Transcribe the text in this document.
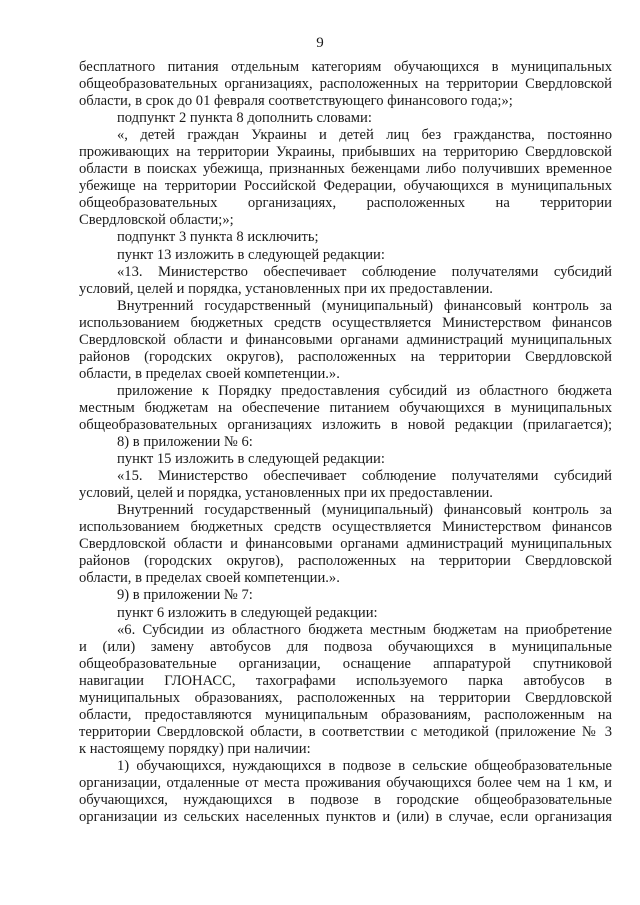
9
бесплатного питания отдельным категориям обучающихся в муниципальных
общеобразовательных организациях, расположенных на территории Свердловской
области, в срок до 01 февраля соответствующего финансового года;»;
подпункт 2 пункта 8 дополнить словами:
«, детей граждан Украины и детей лиц без гражданства, постоянно
проживающих на территории Украины, прибывших на территорию Свердловской
области в поисках убежища, признанных беженцами либо получивших временное
убежище на территории Российской Федерации, обучающихся в муниципальных
общеобразовательных организациях, расположенных на территории
Свердловской области;»;
подпункт 3 пункта 8 исключить;
пункт 13 изложить в следующей редакции:
«13. Министерство обеспечивает соблюдение получателями субсидий
условий, целей и порядка, установленных при их предоставлении.
Внутренний государственный (муниципальный) финансовый контроль за
использованием бюджетных средств осуществляется Министерством финансов
Свердловской области и финансовыми органами администраций муниципальных
районов (городских округов), расположенных на территории Свердловской
области, в пределах своей компетенции.».
приложение к Порядку предоставления субсидий из областного бюджета
местным бюджетам на обеспечение питанием обучающихся в муниципальных
общеобразовательных организациях изложить в новой редакции (прилагается);
8) в приложении № 6:
пункт 15 изложить в следующей редакции:
«15. Министерство обеспечивает соблюдение получателями субсидий
условий, целей и порядка, установленных при их предоставлении.
Внутренний государственный (муниципальный) финансовый контроль за
использованием бюджетных средств осуществляется Министерством финансов
Свердловской области и финансовыми органами администраций муниципальных
районов (городских округов), расположенных на территории Свердловской
области, в пределах своей компетенции.».
9) в приложении № 7:
пункт 6 изложить в следующей редакции:
«6. Субсидии из областного бюджета местным бюджетам на приобретение
и (или) замену автобусов для подвоза обучающихся в муниципальные
общеобразовательные организации, оснащение аппаратурой спутниковой
навигации ГЛОНАСС, тахографами используемого парка автобусов в
муниципальных образованиях, расположенных на территории Свердловской
области, предоставляются муниципальным образованиям, расположенным на
территории Свердловской области, в соответствии с методикой (приложение № 3
к настоящему порядку) при наличии:
1) обучающихся, нуждающихся в подвозе в сельские общеобразовательные
организации, отдаленные от места проживания обучающихся более чем на 1 км, и
обучающихся, нуждающихся в подвозе в городские общеобразовательные
организации из сельских населенных пунктов и (или) в случае, если организация
